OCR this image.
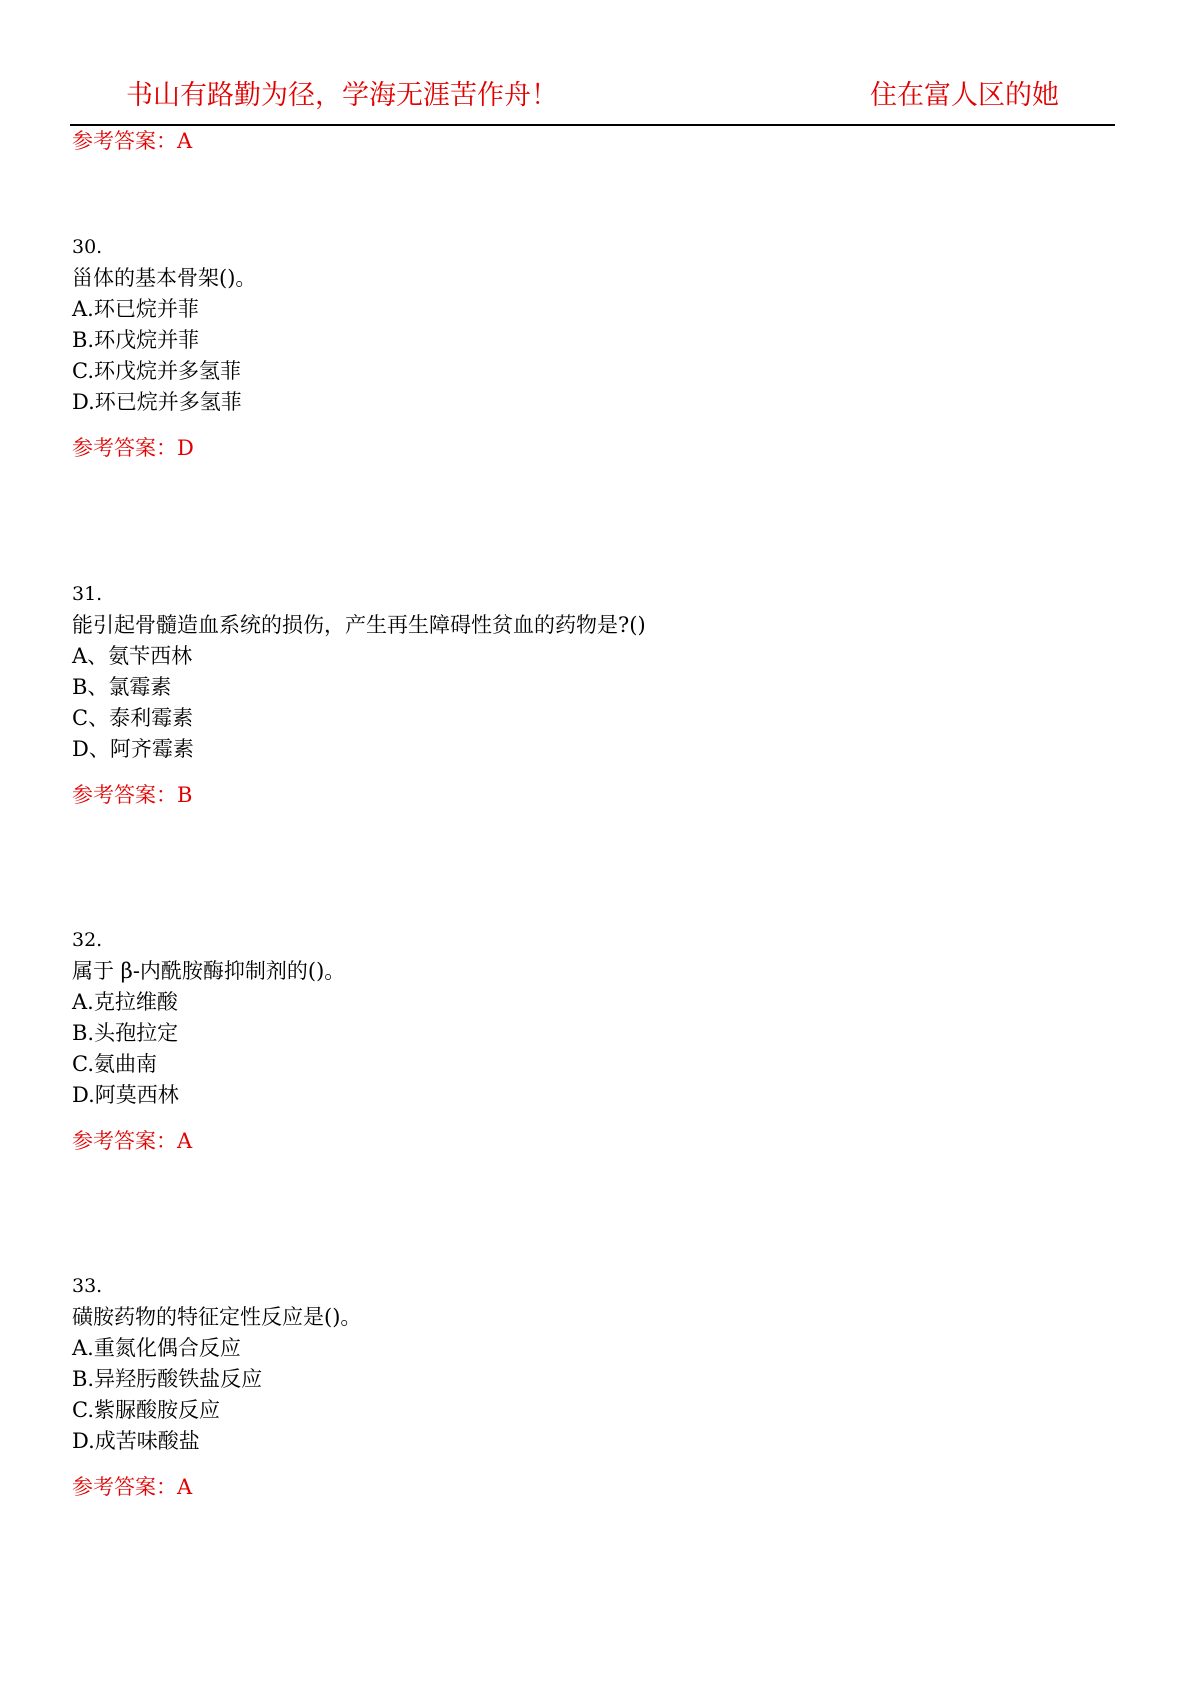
书山有路勤为径，学海无涯苦作舟！	住在富人区的她
参考答案：A
30.
甾体的基本骨架()。
A.环已烷并菲
B.环戊烷并菲
C.环戊烷并多氢菲
D.环已烷并多氢菲
参考答案：D
31.
能引起骨髓造血系统的损伤，产生再生障碍性贫血的药物是?()
A、氨苄西林
B、氯霉素
C、泰利霉素
D、阿齐霉素
参考答案：B
32.
属于 β-内酰胺酶抑制剂的()。
A.克拉维酸
B.头孢拉定
C.氨曲南
D.阿莫西林
参考答案：A
33.
磺胺药物的特征定性反应是()。
A.重氮化偶合反应
B.异羟肟酸铁盐反应
C.紫脲酸胺反应
D.成苦味酸盐
参考答案：A
